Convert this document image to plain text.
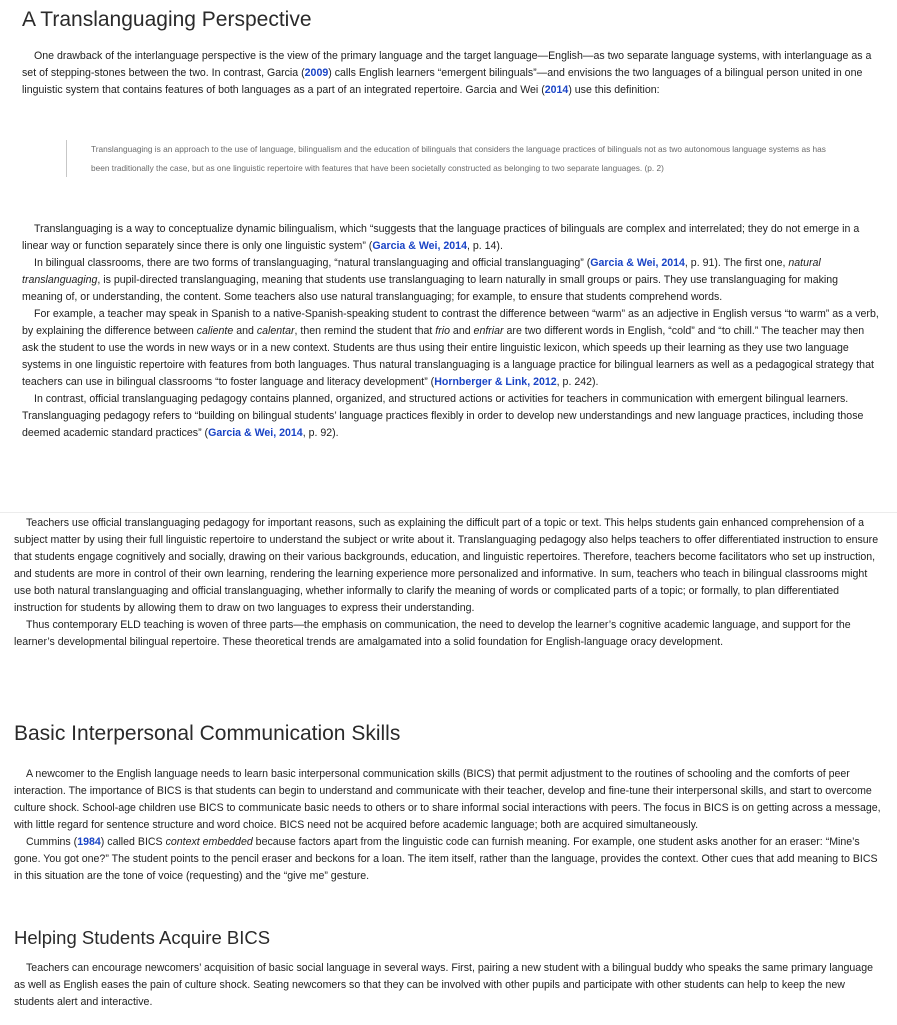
A Translanguaging Perspective

One drawback of the interlanguage perspective is the view of the primary language and the target language—English—as two separate language systems, with interlanguage as a set of stepping-stones between the two. In contrast, Garcia (2009) calls English learners “emergent bilinguals”—and envisions the two languages of a bilingual person united in one linguistic system that contains features of both languages as a part of an integrated repertoire. Garcia and Wei (2014) use this definition:

Translanguaging is an approach to the use of language, bilingualism and the education of bilinguals that considers the language practices of bilinguals not as two autonomous language systems as has been traditionally the case, but as one linguistic repertoire with features that have been societally constructed as belonging to two separate languages. (p. 2)

Translanguaging is a way to conceptualize dynamic bilingualism, which “suggests that the language practices of bilinguals are complex and interrelated; they do not emerge in a linear way or function separately since there is only one linguistic system” (Garcia & Wei, 2014, p. 14).

In bilingual classrooms, there are two forms of translanguaging, “natural translanguaging and official translanguaging” (Garcia & Wei, 2014, p. 91). The first one, natural translanguaging, is pupil-directed translanguaging, meaning that students use translanguaging to learn naturally in small groups or pairs. They use translanguaging for making meaning of, or understanding, the content. Some teachers also use natural translanguaging; for example, to ensure that students comprehend words.

For example, a teacher may speak in Spanish to a native-Spanish-speaking student to contrast the difference between “warm” as an adjective in English versus “to warm” as a verb, by explaining the difference between caliente and calentar, then remind the student that frio and enfriar are two different words in English, “cold” and “to chill.” The teacher may then ask the student to use the words in new ways or in a new context. Students are thus using their entire linguistic lexicon, which speeds up their learning as they use two language systems in one linguistic repertoire with features from both languages. Thus natural translanguaging is a language practice for bilingual learners as well as a pedagogical strategy that teachers can use in bilingual classrooms “to foster language and literacy development” (Hornberger & Link, 2012, p. 242).

In contrast, official translanguaging pedagogy contains planned, organized, and structured actions or activities for teachers in communication with emergent bilingual learners. Translanguaging pedagogy refers to “building on bilingual students’ language practices flexibly in order to develop new understandings and new language practices, including those deemed academic standard practices” (Garcia & Wei, 2014, p. 92).

Teachers use official translanguaging pedagogy for important reasons, such as explaining the difficult part of a topic or text. This helps students gain enhanced comprehension of a subject matter by using their full linguistic repertoire to understand the subject or write about it. Translanguaging pedagogy also helps teachers to offer differentiated instruction to ensure that students engage cognitively and socially, drawing on their various backgrounds, education, and linguistic repertoires. Therefore, teachers become facilitators who set up instruction, and students are more in control of their own learning, rendering the learning experience more personalized and informative. In sum, teachers who teach in bilingual classrooms might use both natural translanguaging and official translanguaging, whether informally to clarify the meaning of words or complicated parts of a topic; or formally, to plan differentiated instruction for students by allowing them to draw on two languages to express their understanding.

Thus contemporary ELD teaching is woven of three parts—the emphasis on communication, the need to develop the learner’s cognitive academic language, and support for the learner’s developmental bilingual repertoire. These theoretical trends are amalgamated into a solid foundation for English-language oracy development.

Basic Interpersonal Communication Skills

A newcomer to the English language needs to learn basic interpersonal communication skills (BICS) that permit adjustment to the routines of schooling and the comforts of peer interaction. The importance of BICS is that students can begin to understand and communicate with their teacher, develop and fine-tune their interpersonal skills, and start to overcome culture shock. School-age children use BICS to communicate basic needs to others or to share informal social interactions with peers. The focus in BICS is on getting across a message, with little regard for sentence structure and word choice. BICS need not be acquired before academic language; both are acquired simultaneously.

Cummins (1984) called BICS context embedded because factors apart from the linguistic code can furnish meaning. For example, one student asks another for an eraser: “Mine’s gone. You got one?” The student points to the pencil eraser and beckons for a loan. The item itself, rather than the language, provides the context. Other cues that add meaning to BICS in this situation are the tone of voice (requesting) and the “give me” gesture.

Helping Students Acquire BICS

Teachers can encourage newcomers’ acquisition of basic social language in several ways. First, pairing a new student with a bilingual buddy who speaks the same primary language as well as English eases the pain of culture shock. Seating newcomers so that they can be involved with other pupils and participate with other students can help to keep the new students alert and interactive.
